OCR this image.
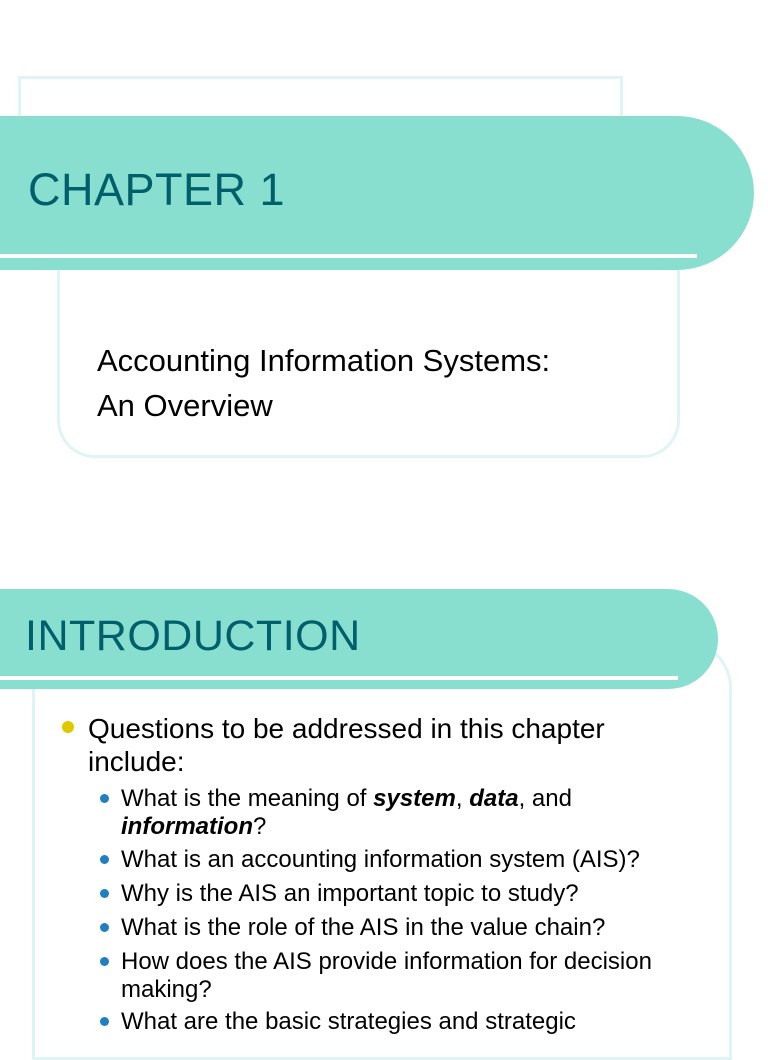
CHAPTER 1
Accounting Information Systems:
An Overview
INTRODUCTION
Questions to be addressed in this chapter include:
What is the meaning of system, data, and
information?
What is an accounting information system (AIS)?
Why is the AIS an important topic to study?
What is the role of the AIS in the value chain?
How does the AIS provide information for decision making?
What are the basic strategies and strategic
